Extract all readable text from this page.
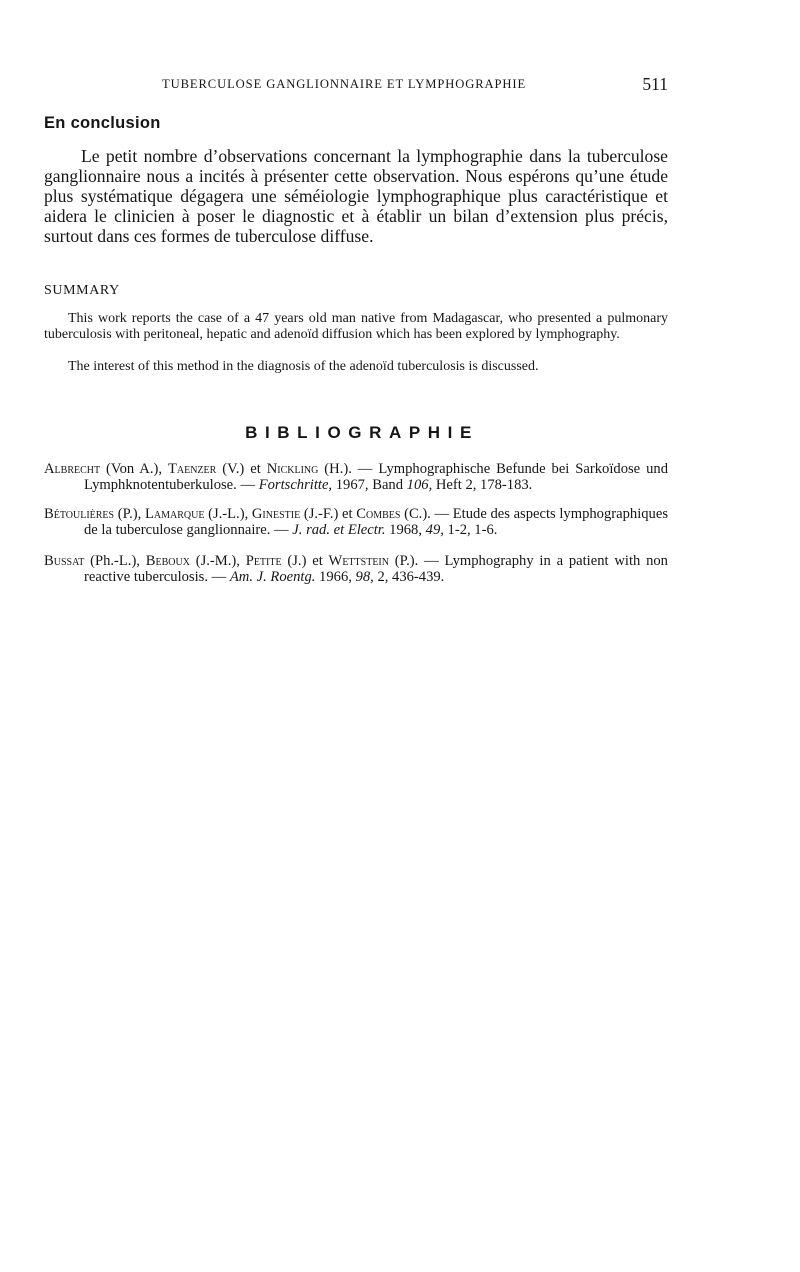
TUBERCULOSE GANGLIONNAIRE ET LYMPHOGRAPHIE	511
En conclusion

Le petit nombre d’observations concernant la lymphographie dans la tuberculose ganglionnaire nous a incités à présenter cette observation. Nous espérons qu’une étude plus systématique dégagera une séméiologie lymphographique plus caractéristique et aidera le clinicien à poser le diagnostic et à établir un bilan d’extension plus précis, surtout dans ces formes de tuberculose diffuse.

SUMMARY

This work reports the case of a 47 years old man native from Madagascar, who presented a pulmonary tuberculosis with peritoneal, hepatic and adenoïd diffusion which has been explored by lymphography.

The interest of this method in the diagnosis of the adenoïd tuberculosis is discussed.

BIBLIOGRAPHIE

Albrecht (Von A.), Taenzer (V.) et Nickling (H.). — Lymphographische Befunde bei Sarkoïdose und Lymphknotentuberkulose. — Fortschritte, 1967, Band 106, Heft 2, 178-183.

Bétoulières (P.), Lamarque (J.-L.), Ginestie (J.-F.) et Combes (C.). — Etude des aspects lymphographiques de la tuberculose ganglionnaire. — J. rad. et Electr. 1968, 49, 1-2, 1-6.

Bussat (Ph.-L.), Beboux (J.-M.), Petite (J.) et Wettstein (P.). — Lymphography in a patient with non reactive tuberculosis. — Am. J. Roentg. 1966, 98, 2, 436-439.
